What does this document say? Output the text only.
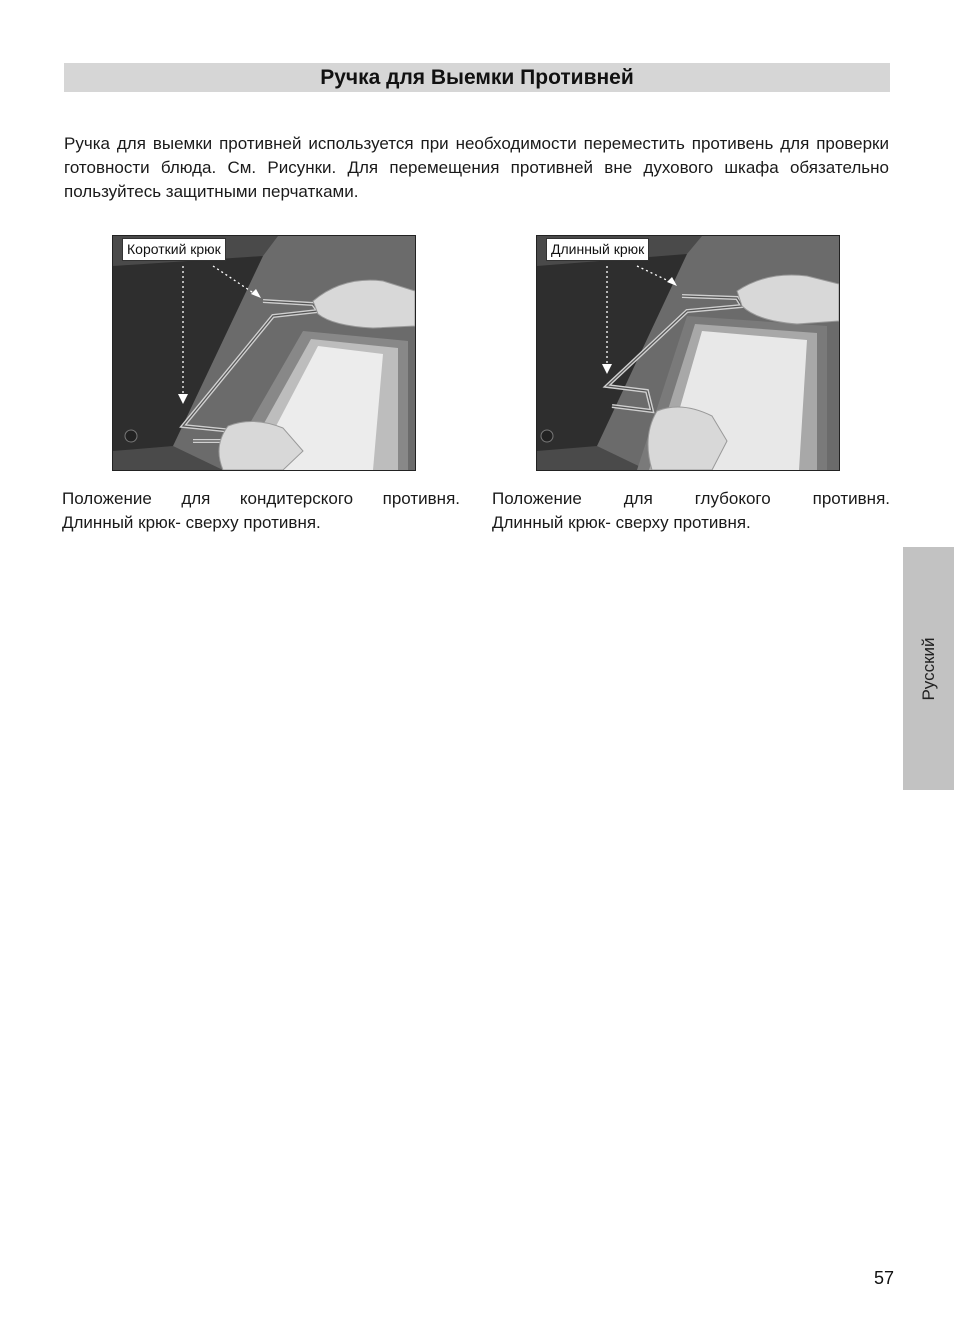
Ручка для Выемки Противней

Ручка для выемки противней используется при необходимости переместить противень для проверки готовности блюда. См. Рисунки. Для перемещения противней вне духового шкафа обязательно пользуйтесь защитными перчатками.

Короткий крюк	Длинный крюк

Положение для кондитерского противня.
Длинный крюк- сверху противня.

Положение для глубокого противня.
Длинный крюк- сверху противня.

Русский
57
